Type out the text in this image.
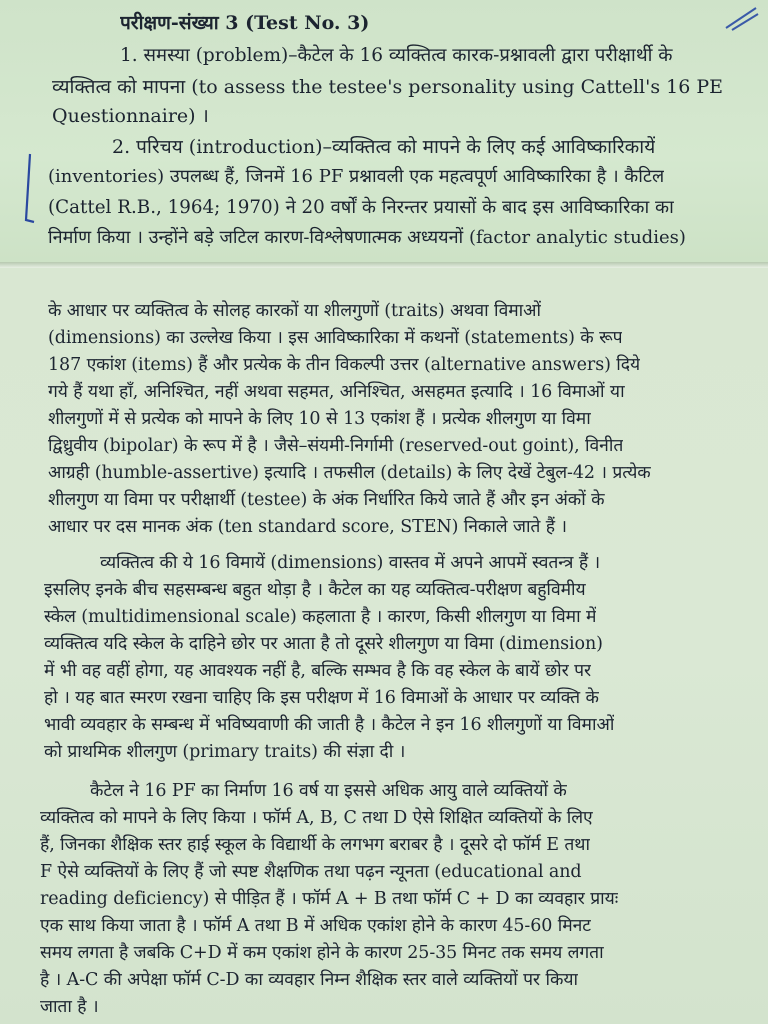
परीक्षण-संख्या 3 (Test No. 3)
1. समस्या (problem)–कैटेल के 16 व्यक्तित्व कारक-प्रश्नावली द्वारा परीक्षार्थी के
व्यक्तित्व को मापना (to assess the testee's personality using Cattell's 16 PE
Questionnaire) ।
2. परिचय (introduction)–व्यक्तित्व को मापने के लिए कई आविष्कारिकायें
(inventories) उपलब्ध हैं, जिनमें 16 PF प्रश्नावली एक महत्वपूर्ण आविष्कारिका है । कैटिल
(Cattel R.B., 1964; 1970) ने 20 वर्षों के निरन्तर प्रयासों के बाद इस आविष्कारिका का
निर्माण किया । उन्होंने बड़े जटिल कारण-विश्लेषणात्मक अध्ययनों (factor analytic studies)
के आधार पर व्यक्तित्व के सोलह कारकों या शीलगुणों (traits) अथवा विमाओं
(dimensions) का उल्लेख किया । इस आविष्कारिका में कथनों (statements) के रूप
187 एकांश (items) हैं और प्रत्येक के तीन विकल्पी उत्तर (alternative answers) दिये
गये हैं यथा हाँ, अनिश्चित, नहीं अथवा सहमत, अनिश्चित, असहमत इत्यादि । 16 विमाओं या
शीलगुणों में से प्रत्येक को मापने के लिए 10 से 13 एकांश हैं । प्रत्येक शीलगुण या विमा
द्विध्रुवीय (bipolar) के रूप में है । जैसे–संयमी-निर्गामी (reserved-out goint), विनीत
आग्रही (humble-assertive) इत्यादि । तफसील (details) के लिए देखें टेबुल-42 । प्रत्येक
शीलगुण या विमा पर परीक्षार्थी (testee) के अंक निर्धारित किये जाते हैं और इन अंकों के
आधार पर दस मानक अंक (ten standard score, STEN) निकाले जाते हैं ।
व्यक्तित्व की ये 16 विमायें (dimensions) वास्तव में अपने आपमें स्वतन्त्र हैं ।
इसलिए इनके बीच सहसम्बन्ध बहुत थोड़ा है । कैटेल का यह व्यक्तित्व-परीक्षण बहुविमीय
स्केल (multidimensional scale) कहलाता है । कारण, किसी शीलगुण या विमा में
व्यक्तित्व यदि स्केल के दाहिने छोर पर आता है तो दूसरे शीलगुण या विमा (dimension)
में भी वह वहीं होगा, यह आवश्यक नहीं है, बल्कि सम्भव है कि वह स्केल के बायें छोर पर
हो । यह बात स्मरण रखना चाहिए कि इस परीक्षण में 16 विमाओं के आधार पर व्यक्ति के
भावी व्यवहार के सम्बन्ध में भविष्यवाणी की जाती है । कैटेल ने इन 16 शीलगुणों या विमाओं
को प्राथमिक शीलगुण (primary traits) की संज्ञा दी ।
कैटेल ने 16 PF का निर्माण 16 वर्ष या इससे अधिक आयु वाले व्यक्तियों के
व्यक्तित्व को मापने के लिए किया । फॉर्म A, B, C तथा D ऐसे शिक्षित व्यक्तियों के लिए
हैं, जिनका शैक्षिक स्तर हाई स्कूल के विद्यार्थी के लगभग बराबर है । दूसरे दो फॉर्म E तथा
F ऐसे व्यक्तियों के लिए हैं जो स्पष्ट शैक्षणिक तथा पढ़न न्यूनता (educational and
reading deficiency) से पीड़ित हैं । फॉर्म A + B तथा फॉर्म C + D का व्यवहार प्रायः
एक साथ किया जाता है । फॉर्म A तथा B में अधिक एकांश होने के कारण 45-60 मिनट
समय लगता है जबकि C+D में कम एकांश होने के कारण 25-35 मिनट तक समय लगता
है । A-C की अपेक्षा फॉर्म C-D का व्यवहार निम्न शैक्षिक स्तर वाले व्यक्तियों पर किया
जाता है ।
